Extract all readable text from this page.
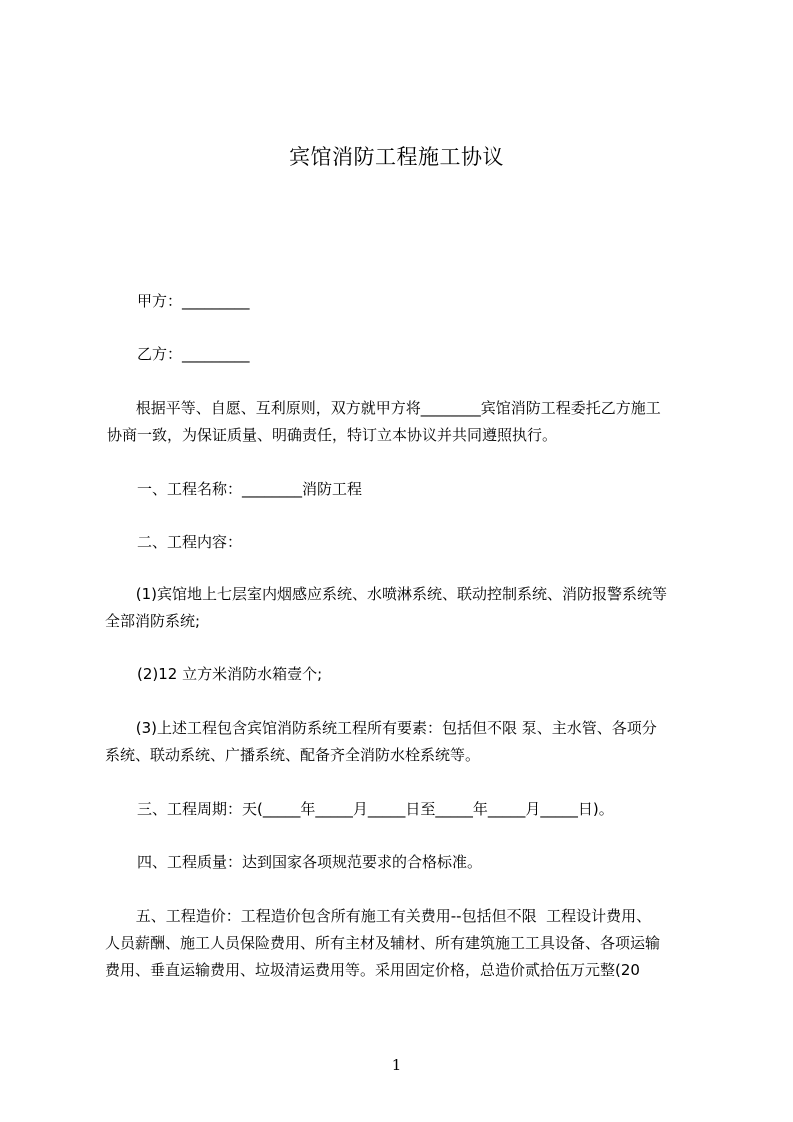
宾馆消防工程施工协议
甲方：_________
乙方：_________
根据平等、自愿、互利原则，双方就甲方将________宾馆消防工程委托乙方施工
协商一致，为保证质量、明确责任，特订立本协议并共同遵照执行。
一、工程名称：________消防工程
二、工程内容：
(1)宾馆地上七层室内烟感应系统、水喷淋系统、联动控制系统、消防报警系统等
全部消防系统;
(2)12 立方米消防水箱壹个;
(3)上述工程包含宾馆消防系统工程所有要素：包括但不限 泵、主水管、各项分
系统、联动系统、广播系统、配备齐全消防水栓系统等。
三、工程周期：天(_____年_____月_____日至_____年_____月_____日)。
四、工程质量：达到国家各项规范要求的合格标准。
五、工程造价：工程造价包含所有施工有关费用--包括但不限  工程设计费用、
人员薪酬、施工人员保险费用、所有主材及辅材、所有建筑施工工具设备、各项运输
费用、垂直运输费用、垃圾清运费用等。采用固定价格，总造价贰拾伍万元整(20
1
